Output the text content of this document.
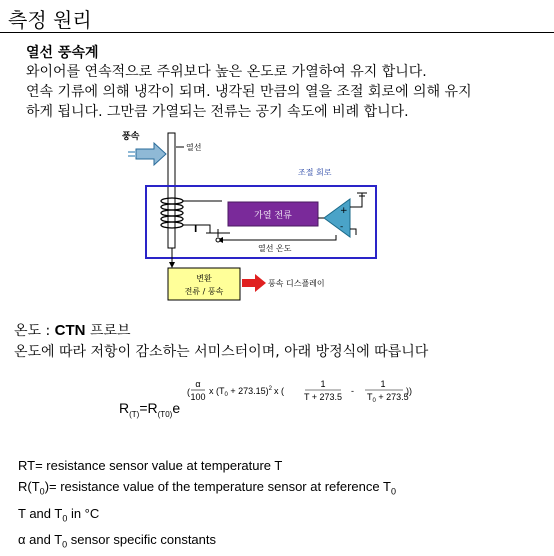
측정 원리
열선 풍속계

와이어를 연속적으로 주위보다 높은 온도로 가열하여 유지 합니다.

연속 기류에 의해 냉각이 되며. 냉각된 만큼의 열을 조절 회로에 의해 유지

하게 됩니다. 그만큼 가열되는 전류는 공기 속도에 비례 합니다.

풍속
열선
조절 회로
I
가열 전류	+
-
열선 온도
변환
전류 / 풍속
풍속 디스플레이
온도 : CTN 프로브
온도에 따라 저항이 감소하는 서미스터이며, 아래 방정식에 따릅니다
$R_{(T)}=R_{(T0)}e$
(
α
100
x $(T_0 + 273.15)^2$ x (
1
T + 273.5
-
1
$T_0 + 273.5$
))
RT= resistance sensor value at temperature T
$R(T_0)=$ resistance value of the temperature sensor at reference $T_0$
T and $T_0$ in °C
α and $T_0$ sensor specific constants
